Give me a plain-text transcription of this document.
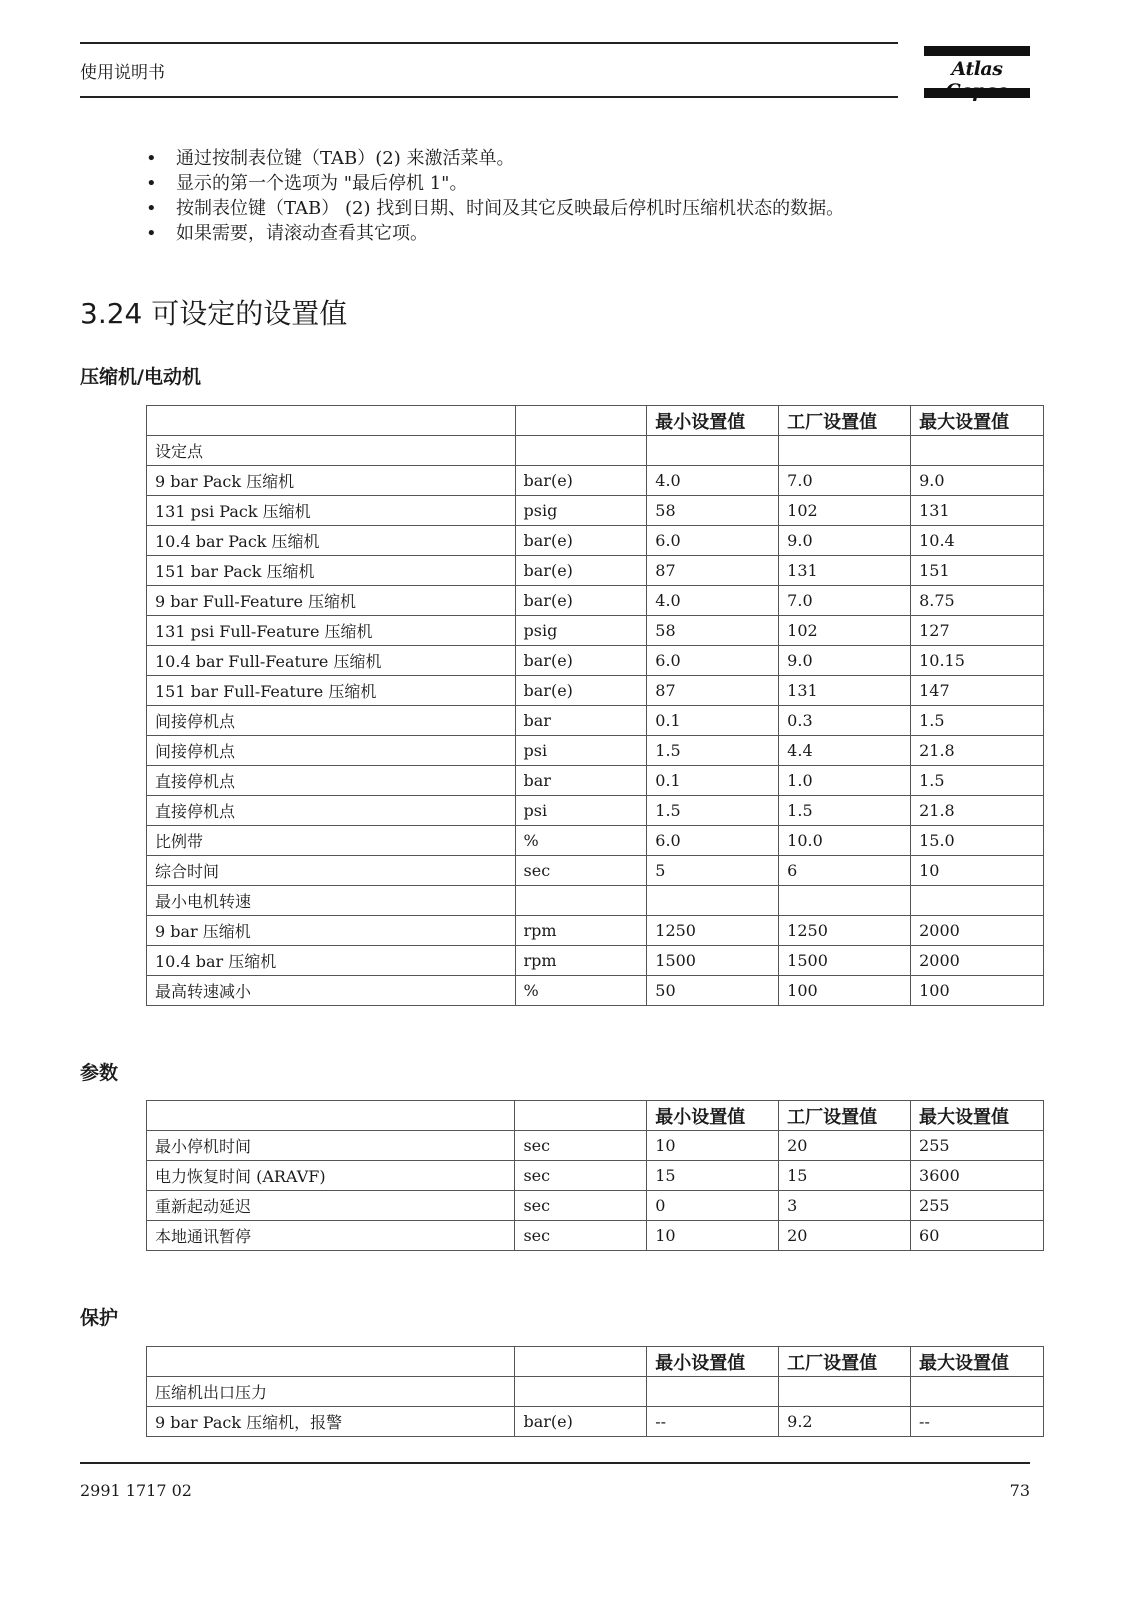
使用说明书	Atlas
• 通过按制表位键（TAB）(2) 来激活菜单。
• 显示的第一个选项为 "最后停机 1"。
• 按制表位键（TAB） (2) 找到日期、时间及其它反映最后停机时压缩机状态的数据。
• 如果需要，请滚动查看其它项。
3.24 可设定的设置值
压缩机/电动机
		最小设置值	工厂设置值	最大设置值
设定点				
9 bar Pack 压缩机	bar(e)	4.0	7.0	9.0
131 psi Pack 压缩机	psig	58	102	131
10.4 bar Pack 压缩机	bar(e)	6.0	9.0	10.4
151 bar Pack 压缩机	bar(e)	87	131	151
9 bar Full-Feature 压缩机	bar(e)	4.0	7.0	8.75
131 psi Full-Feature 压缩机	psig	58	102	127
10.4 bar Full-Feature 压缩机	bar(e)	6.0	9.0	10.15
151 bar Full-Feature 压缩机	bar(e)	87	131	147
间接停机点	bar	0.1	0.3	1.5
间接停机点	psi	1.5	4.4	21.8
直接停机点	bar	0.1	1.0	1.5
直接停机点	psi	1.5	1.5	21.8
比例带	%	6.0	10.0	15.0
综合时间	sec	5	6	10
最小电机转速				
9 bar 压缩机	rpm	1250	1250	2000
10.4 bar 压缩机	rpm	1500	1500	2000
最高转速减小	%	50	100	100
参数
		最小设置值	工厂设置值	最大设置值
最小停机时间	sec	10	20	255
电力恢复时间 (ARAVF)	sec	15	15	3600
重新起动延迟	sec	0	3	255
本地通讯暂停	sec	10	20	60
保护
		最小设置值	工厂设置值	最大设置值
压缩机出口压力				
9 bar Pack 压缩机，报警	bar(e)	--	9.2	--
2991 1717 02	73
